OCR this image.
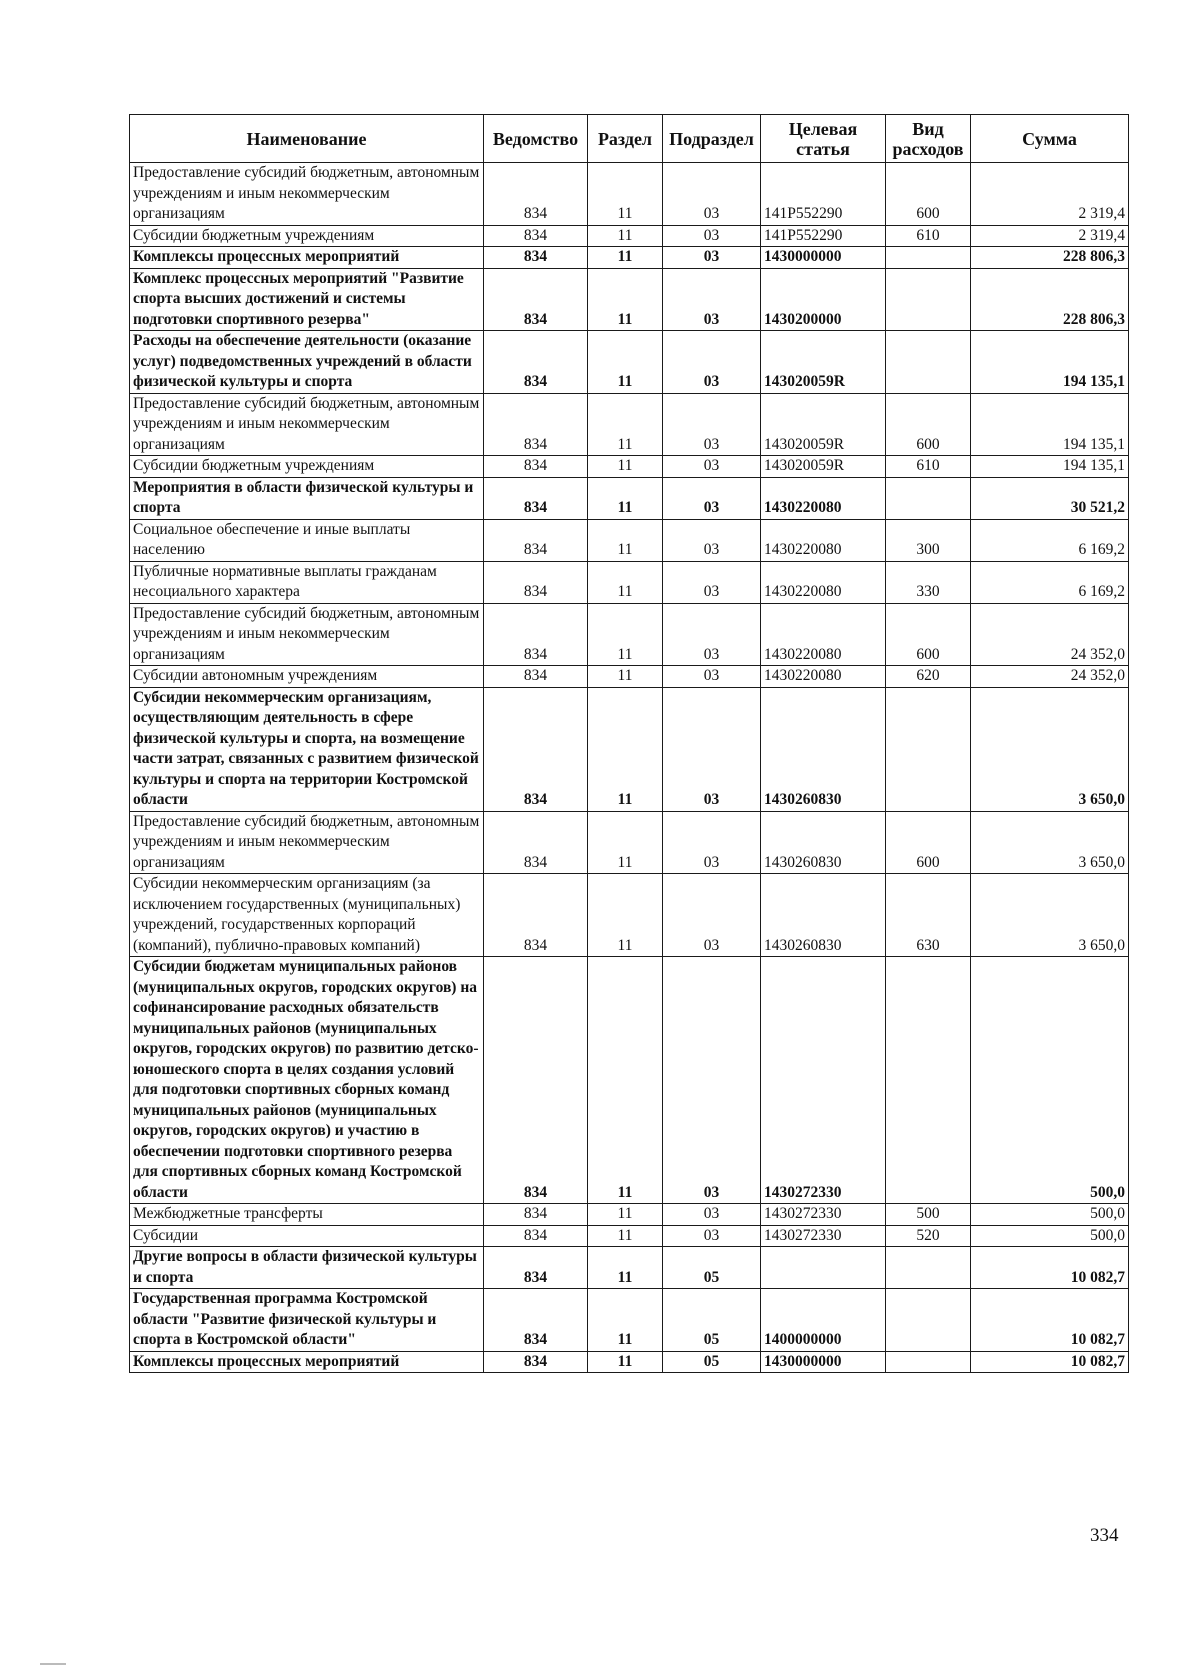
Наименование	Ведомство	Раздел	Подраздел	Целевая статья	Вид расходов	Сумма
Предоставление субсидий бюджетным, автономным учреждениям и иным некоммерческим организациям	834	11	03	141P552290	600	2 319,4
Субсидии бюджетным учреждениям	834	11	03	141P552290	610	2 319,4
Комплексы процессных мероприятий	834	11	03	1430000000		228 806,3
Комплекс процессных мероприятий "Развитие спорта высших достижений и системы подготовки спортивного резерва"	834	11	03	1430200000		228 806,3
Расходы на обеспечение деятельности (оказание услуг) подведомственных учреждений в области физической культуры и спорта	834	11	03	143020059R		194 135,1
Предоставление субсидий бюджетным, автономным учреждениям и иным некоммерческим организациям	834	11	03	143020059R	600	194 135,1
Субсидии бюджетным учреждениям	834	11	03	143020059R	610	194 135,1
Мероприятия в области физической культуры и спорта	834	11	03	1430220080		30 521,2
Социальное обеспечение и иные выплаты населению	834	11	03	1430220080	300	6 169,2
Публичные нормативные выплаты гражданам несоциального характера	834	11	03	1430220080	330	6 169,2
Предоставление субсидий бюджетным, автономным учреждениям и иным некоммерческим организациям	834	11	03	1430220080	600	24 352,0
Субсидии автономным учреждениям	834	11	03	1430220080	620	24 352,0
Субсидии некоммерческим организациям, осуществляющим деятельность в сфере физической культуры и спорта, на возмещение части затрат, связанных с развитием физической культуры и спорта на территории Костромской области	834	11	03	1430260830		3 650,0
Предоставление субсидий бюджетным, автономным учреждениям и иным некоммерческим организациям	834	11	03	1430260830	600	3 650,0
Субсидии некоммерческим организациям (за исключением государственных (муниципальных) учреждений, государственных корпораций (компаний), публично-правовых компаний)	834	11	03	1430260830	630	3 650,0
Субсидии бюджетам муниципальных районов (муниципальных округов, городских округов) на софинансирование расходных обязательств муниципальных районов (муниципальных округов, городских округов) по развитию детско-юношеского спорта в целях создания условий для подготовки спортивных сборных команд муниципальных районов (муниципальных округов, городских округов) и участию в обеспечении подготовки спортивного резерва для спортивных сборных команд Костромской области	834	11	03	1430272330		500,0
Межбюджетные трансферты	834	11	03	1430272330	500	500,0
Субсидии	834	11	03	1430272330	520	500,0
Другие вопросы в области физической культуры и спорта	834	11	05			10 082,7
Государственная программа Костромской области "Развитие физической культуры и спорта в Костромской области"	834	11	05	1400000000		10 082,7
Комплексы процессных мероприятий	834	11	05	1430000000		10 082,7
334
